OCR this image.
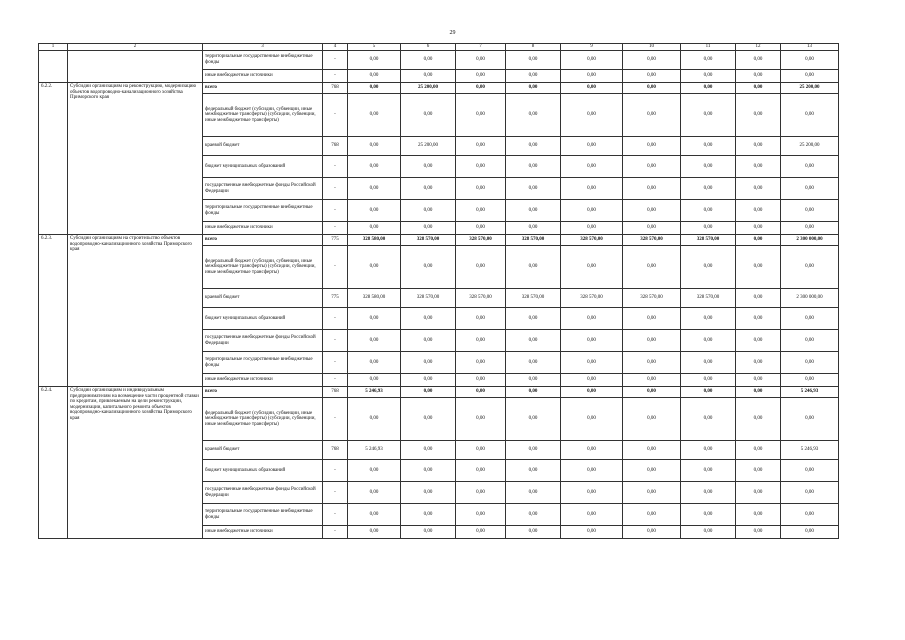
29
1	2	3	4	5	6	7	8	9	10	11	12	13
		территориальные государственные внебюджетные фонды	-	0,00	0,00	0,00	0,00	0,00	0,00	0,00	0,00	0,00
		иные внебюджетные источники	-	0,00	0,00	0,00	0,00	0,00	0,00	0,00	0,00	0,00
6.2.2.	Субсидии организациям на реконструкцию, модернизацию объектов водопроводно-канализационного хозяйства Приморского края	всего	768	0,00	25 200,00	0,00	0,00	0,00	0,00	0,00	0,00	25 200,00
		федеральный бюджет (субсидии, субвенции, иные межбюджетные трансферты) (субсидии, субвенции, иные межбюджетные трансферты)	-	0,00	0,00	0,00	0,00	0,00	0,00	0,00	0,00	0,00
		краевой бюджет	768	0,00	25 200,00	0,00	0,00	0,00	0,00	0,00	0,00	25 200,00
		бюджет муниципальных образований	-	0,00	0,00	0,00	0,00	0,00	0,00	0,00	0,00	0,00
		государственные внебюджетные фонды Российской Федерации	-	0,00	0,00	0,00	0,00	0,00	0,00	0,00	0,00	0,00
		территориальные государственные внебюджетные фонды	-	0,00	0,00	0,00	0,00	0,00	0,00	0,00	0,00	0,00
		иные внебюджетные источники	-	0,00	0,00	0,00	0,00	0,00	0,00	0,00	0,00	0,00
6.2.3.	Субсидии организациям на строительство объектов водопроводно-канализационного хозяйства Приморского края	всего	775	328 580,00	328 570,00	328 570,00	328 570,00	328 570,00	328 570,00	328 570,00	0,00	2 300 000,00
		федеральный бюджет (субсидии, субвенции, иные межбюджетные трансферты) (субсидии, субвенции, иные межбюджетные трансферты)	-	0,00	0,00	0,00	0,00	0,00	0,00	0,00	0,00	0,00
		краевой бюджет	775	328 580,00	328 570,00	328 570,00	328 570,00	328 570,00	328 570,00	328 570,00	0,00	2 300 000,00
		бюджет муниципальных образований	-	0,00	0,00	0,00	0,00	0,00	0,00	0,00	0,00	0,00
		государственные внебюджетные фонды Российской Федерации	-	0,00	0,00	0,00	0,00	0,00	0,00	0,00	0,00	0,00
		территориальные государственные внебюджетные фонды	-	0,00	0,00	0,00	0,00	0,00	0,00	0,00	0,00	0,00
		иные внебюджетные источники	-	0,00	0,00	0,00	0,00	0,00	0,00	0,00	0,00	0,00
6.2.4.	Субсидии организациям и индивидуальным предпринимателям на возмещение части процентной ставки по кредитам, привлекаемым на цели реконструкции, модернизации, капитального ремонта объектов водопроводно-канализационного хозяйства Приморского края	всего	768	5 246,93	0,00	0,00	0,00	0,00	0,00	0,00	0,00	5 246,93
		федеральный бюджет (субсидии, субвенции, иные межбюджетные трансферты) (субсидии, субвенции, иные межбюджетные трансферты)	-	0,00	0,00	0,00	0,00	0,00	0,00	0,00	0,00	0,00
		краевой бюджет	768	5 246,93	0,00	0,00	0,00	0,00	0,00	0,00	0,00	5 246,93
		бюджет муниципальных образований	-	0,00	0,00	0,00	0,00	0,00	0,00	0,00	0,00	0,00
		государственные внебюджетные фонды Российской Федерации	-	0,00	0,00	0,00	0,00	0,00	0,00	0,00	0,00	0,00
		территориальные государственные внебюджетные фонды	-	0,00	0,00	0,00	0,00	0,00	0,00	0,00	0,00	0,00
		иные внебюджетные источники	-	0,00	0,00	0,00	0,00	0,00	0,00	0,00	0,00	0,00
